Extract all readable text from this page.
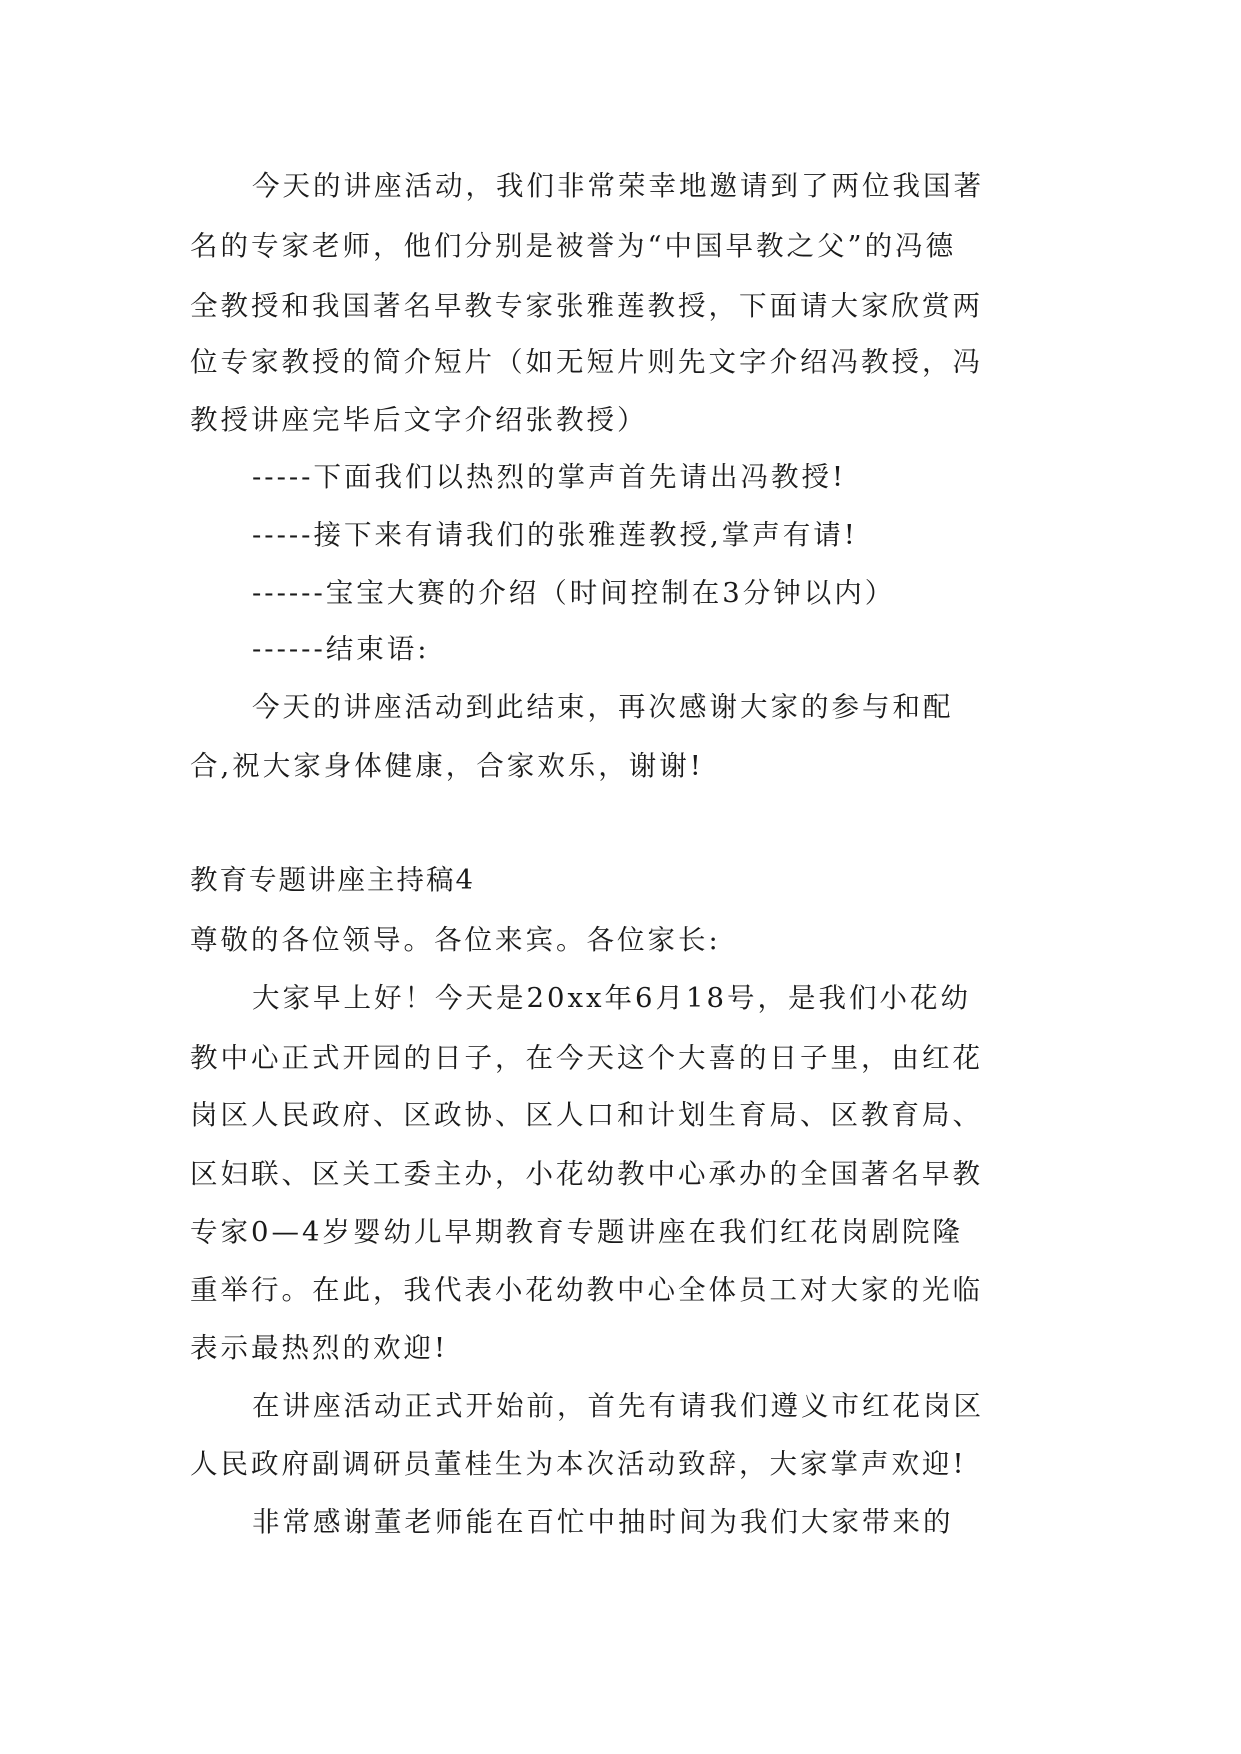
今天的讲座活动，我们非常荣幸地邀请到了两位我国著
名的专家老师，他们分别是被誉为“中国早教之父”的冯德
全教授和我国著名早教专家张雅莲教授，下面请大家欣赏两
位专家教授的简介短片（如无短片则先文字介绍冯教授，冯
教授讲座完毕后文字介绍张教授）
-----下面我们以热烈的掌声首先请出冯教授!
-----接下来有请我们的张雅莲教授,掌声有请!
------宝宝大赛的介绍（时间控制在3分钟以内）
------结束语:
今天的讲座活动到此结束，再次感谢大家的参与和配
合,祝大家身体健康，合家欢乐，谢谢!
教育专题讲座主持稿4
尊敬的各位领导。各位来宾。各位家长:
大家早上好！今天是20xx年6月18号，是我们小花幼
教中心正式开园的日子，在今天这个大喜的日子里，由红花
岗区人民政府、区政协、区人口和计划生育局、区教育局、
区妇联、区关工委主办，小花幼教中心承办的全国著名早教
专家0—4岁婴幼儿早期教育专题讲座在我们红花岗剧院隆
重举行。在此，我代表小花幼教中心全体员工对大家的光临
表示最热烈的欢迎!
在讲座活动正式开始前，首先有请我们遵义市红花岗区
人民政府副调研员董桂生为本次活动致辞，大家掌声欢迎!
非常感谢董老师能在百忙中抽时间为我们大家带来的
